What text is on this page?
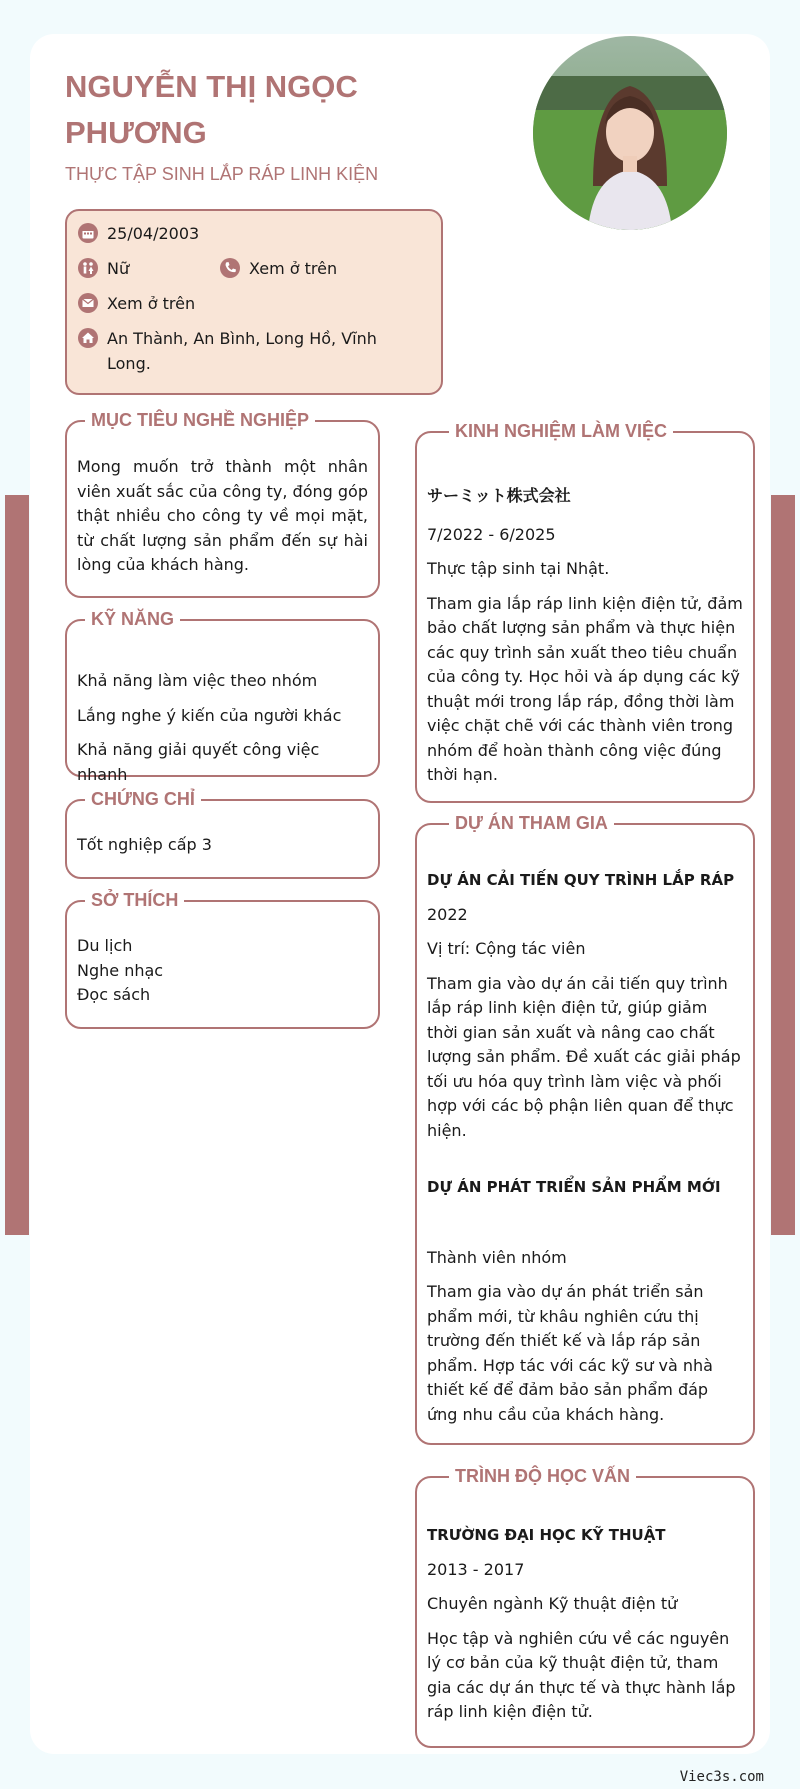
NGUYỄN THỊ NGỌC PHƯƠNG
THỰC TẬP SINH LẮP RÁP LINH KIỆN
25/04/2003
Nữ	Xem ở trên
Xem ở trên
An Thành, An Bình, Long Hồ, Vĩnh Long.
MỤC TIÊU NGHỀ NGHIỆP
Mong muốn trở thành một nhân viên xuất sắc của công ty, đóng góp thật nhiều cho công ty về mọi mặt, từ chất lượng sản phẩm đến sự hài lòng của khách hàng.
KỸ NĂNG
Khả năng làm việc theo nhóm
Lắng nghe ý kiến của người khác
Khả năng giải quyết công việc nhanh
CHỨNG CHỈ
Tốt nghiệp cấp 3
SỞ THÍCH
Du lịch
Nghe nhạc
Đọc sách
KINH NGHIỆM LÀM VIỆC
サーミット株式会社
7/2022 - 6/2025
Thực tập sinh tại Nhật.
Tham gia lắp ráp linh kiện điện tử, đảm bảo chất lượng sản phẩm và thực hiện các quy trình sản xuất theo tiêu chuẩn của công ty. Học hỏi và áp dụng các kỹ thuật mới trong lắp ráp, đồng thời làm việc chặt chẽ với các thành viên trong nhóm để hoàn thành công việc đúng thời hạn.
DỰ ÁN THAM GIA
DỰ ÁN CẢI TIẾN QUY TRÌNH LẮP RÁP
2022
Vị trí: Cộng tác viên
Tham gia vào dự án cải tiến quy trình lắp ráp linh kiện điện tử, giúp giảm thời gian sản xuất và nâng cao chất lượng sản phẩm. Đề xuất các giải pháp tối ưu hóa quy trình làm việc và phối hợp với các bộ phận liên quan để thực hiện.
DỰ ÁN PHÁT TRIỂN SẢN PHẨM MỚI
Thành viên nhóm
Tham gia vào dự án phát triển sản phẩm mới, từ khâu nghiên cứu thị trường đến thiết kế và lắp ráp sản phẩm. Hợp tác với các kỹ sư và nhà thiết kế để đảm bảo sản phẩm đáp ứng nhu cầu của khách hàng.
TRÌNH ĐỘ HỌC VẤN
TRƯỜNG ĐẠI HỌC KỸ THUẬT
2013 - 2017
Chuyên ngành Kỹ thuật điện tử
Học tập và nghiên cứu về các nguyên lý cơ bản của kỹ thuật điện tử, tham gia các dự án thực tế và thực hành lắp ráp linh kiện điện tử.
Viec3s.com
